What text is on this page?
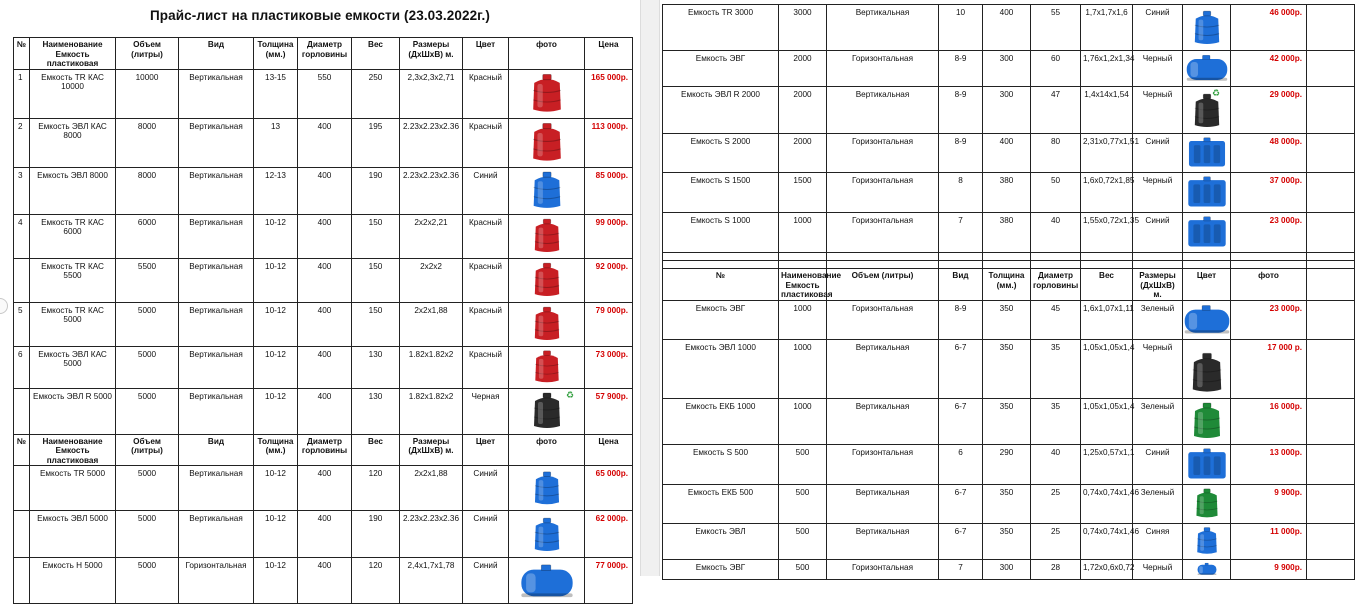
Прайс-лист на пластиковые емкости (23.03.2022г.)
№	Наименование Емкость пластиковая	Объем (литры)	Вид	Толщина (мм.)	Диаметр горловины	Вес	Размеры (ДхШхВ) м.	Цвет	фото	Цена
1	Емкость TR КАС 10000	10000	Вертикальная	13-15	550	250	2,3х2,3х2,71	Красный		165 000р.
2	Емкость ЭВЛ КАС 8000	8000	Вертикальная	13	400	195	2.23х2.23х2.36	Красный		113 000р.
3	Емкость ЭВЛ 8000	8000	Вертикальная	12-13	400	190	2.23х2.23х2.36	Синий		85 000р.
4	Емкость TR КАС 6000	6000	Вертикальная	10-12	400	150	2х2х2,21	Красный		99 000р.
	Емкость TR КАС 5500	5500	Вертикальная	10-12	400	150	2х2х2	Красный		92 000р.
5	Емкость TR КАС 5000	5000	Вертикальная	10-12	400	150	2х2х1,88	Красный		79 000р.
6	Емкость ЭВЛ КАС 5000	5000	Вертикальная	10-12	400	130	1.82х1.82х2	Красный		73 000р.
	Емкость ЭВЛ R 5000	5000	Вертикальная	10-12	400	130	1.82х1.82х2	Черная	♻	57 900р.
№	Наименование Емкость пластиковая	Объем (литры)	Вид	Толщина (мм.)	Диаметр горловины	Вес	Размеры (ДхШхВ) м.	Цвет	фото	Цена
	Емкость TR 5000	5000	Вертикальная	10-12	400	120	2х2х1,88	Синий		65 000р.
	Емкость ЭВЛ 5000	5000	Вертикальная	10-12	400	190	2.23х2.23х2.36	Синий		62 000р.
	Емкость Н 5000	5000	Горизонтальная	10-12	400	120	2,4х1,7х1,78	Синий		77 000р.
Емкость TR 3000	3000	Вертикальная	10	400	55	1,7х1,7х1,6	Синий		46 000р.	
Емкость ЭВГ	2000	Горизонтальная	8-9	300	60	1,76х1,2х1,34	Черный		42 000р.	
Емкость ЭВЛ R 2000	2000	Вертикальная	8-9	300	47	1,4х14х1,54	Черный	♻	29 000р.	
Емкость S 2000	2000	Горизонтальная	8-9	400	80	2,31х0,77х1,51	Синий		48 000р.	
Емкость S 1500	1500	Горизонтальная	8	380	50	1,6х0,72х1,85	Черный		37 000р.	
Емкость S 1000	1000	Горизонтальная	7	380	40	1,55х0,72х1,35	Синий		23 000р.	

№	Наименование Емкость пластиковая	Объем (литры)	Вид	Толщина (мм.)	Диаметр горловины	Вес	Размеры (ДхШхВ) м.	Цвет	фото	
Емкость ЭВГ	1000	Горизонтальная	8-9	350	45	1,6х1,07х1,11	Зеленый		23 000р.	
Емкость ЭВЛ 1000	1000	Вертикальная	6-7	350	35	1,05х1,05х1,4	Черный		17 000 р.	
Емкость ЕКБ 1000	1000	Вертикальная	6-7	350	35	1,05х1,05х1,4	Зеленый		16 000р.	
Емкость S 500	500	Горизонтальная	6	290	40	1,25х0,57х1,1	Синий		13 000р.	
Емкость ЕКБ 500	500	Вертикальная	6-7	350	25	0,74х0,74х1,46	Зеленый		9 900р.	
Емкость ЭВЛ	500	Вертикальная	6-7	350	25	0,74х0,74х1,46	Синяя		11 000р.	
Емкость ЭВГ	500	Горизонтальная	7	300	28	1,72х0,6х0,72	Черный		9 900р.	
